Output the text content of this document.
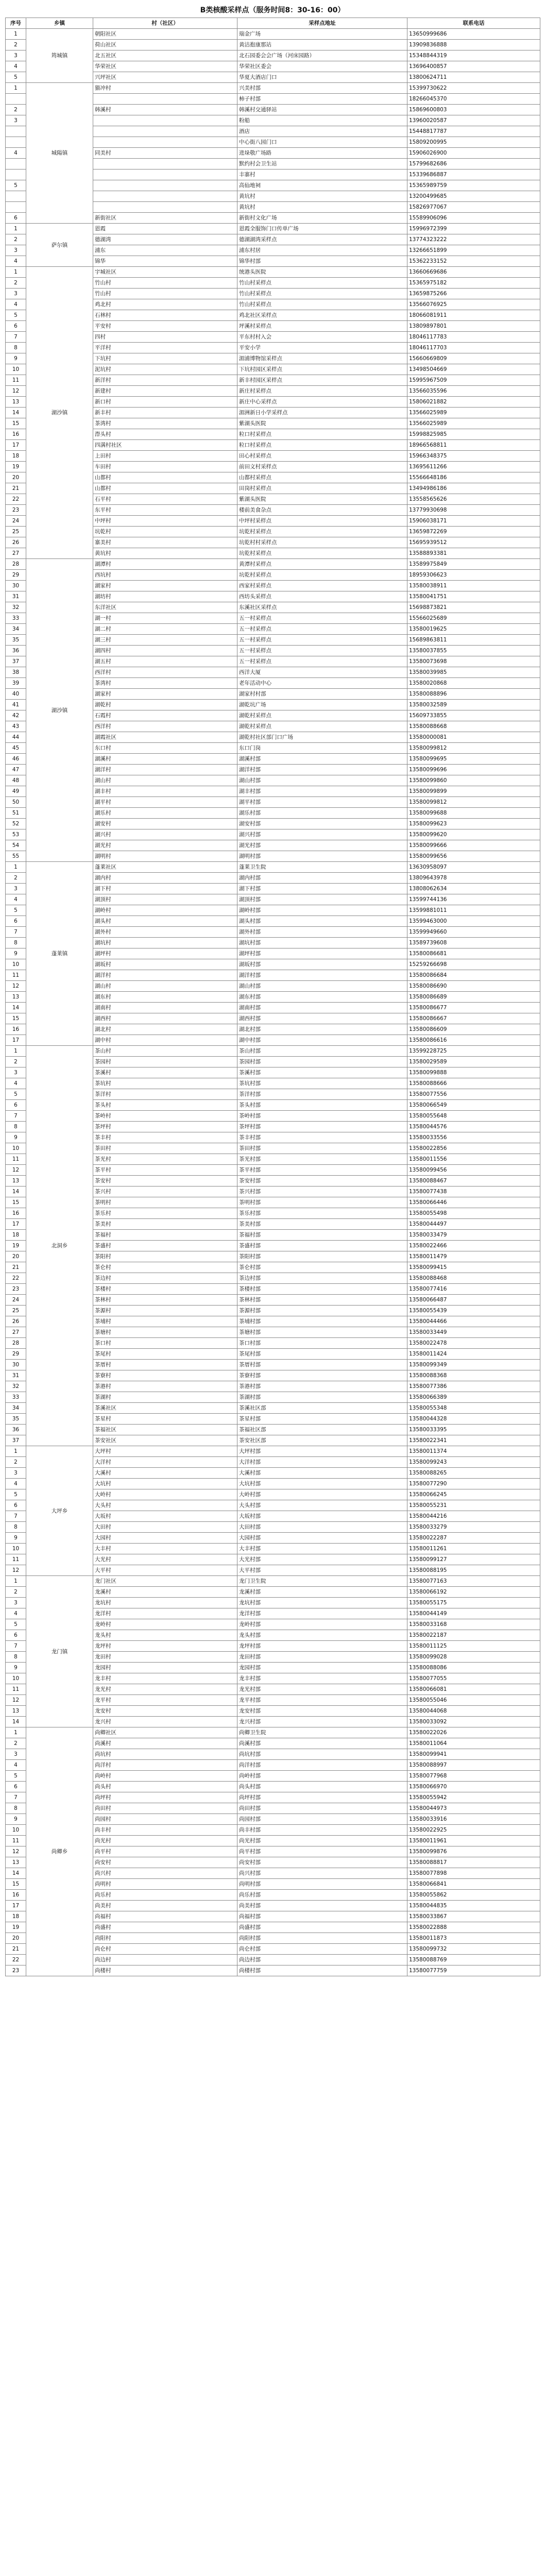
B类核酸采样点（服务时间8：30-16：00）
序号	乡镇	村（社区）	采样点地址	联系电话
1	筠城镇	朝阳社区	瑞金广场	13650999686
2		荷山社区	黄沽抱康那站	13909836888
3		北五社区	北石园委会会广场（河床园路）	15348844319
4		华荣社区	华荣社区委会	13696400857
5		兴坪社区	华夏大酒店门口	13800624711
1	城陽镇	猫冲村	兴美村部	15399730622
			柿子村部	18266045370
2		韩溪村	韩溪村交通驿站	15869600803
3			粉船	13960020587
			酒店	15448817787
			中心街八园门口	15809200995
4		同美村	进垛敬广场路	15906026900
			默约村会卫生站	15799682686
			丰寨村	15339686887
5			高仙地祠	15365989759
			黄坑村	13200499685
			黄坑村	15826977067
6		新街社区	新街村文化广场	15589906096
1	萨尔镇	恩霞	恩霞全服饰门口传单广场	15996972399
2		德湖湾	德湖湖湾采样点	13774323222
3		浦东	浦东村居	13266651899
4		锦华	锦华村部	15362233152
1	湖沙镇	宇城社区	统港头医院	13660669686
2		竹山村	竹山村采样点	15365975182
3		竹山村	竹山村采样点	13659875266
4		鸡北村	竹山村采样点	13566076925
5		石林村	鸡北社区采样点	18066081911
6		平安村	坪溪村采样点	13809897801
7		四村	平东村村入会	18046117783
8		平洋村	平安小学	18046117703
9		下坑村	湄浦博物馆采样点	15660669809
10		泥坑村	下坑村园区采样点	13498504669
11		新洋村	新丰村园区采样点	15995967509
12		新建村	新庄村采样点	13566035596
13		新口村	新庄中心采样点	15806021882
14		新丰村	湄洲新日小学采样点	13566025989
15		茶湾村	紫湖头医院	13566025989
16		漈头村	粒口村采样点	15998825985
17		四满村社区	粒口村采样点	18966568811
18		上田村	田心村采样点	15966348375
19		车田村	前田文村采样点	13695611266
20		山都村	山都村采样点	15566648186
21		山都村	田岗村采样点	13494986186
22		石平村	紫湖头医院	13558565626
23		东平村	楼前美食杂点	13779930698
24		中坪村	中坪村采样点	15906038171
25		坑乾村	坑乾村采样点	13659872269
26		寨美村	坑乾村村采样点	15695939512
27		黄坑村	坑乾村采样点	13588893381
28	湖沙镇	湖潭村	黄潭村采样点	13589975849
29		西坑村	坑乾村采样点	18959306623
30		湖家村	西家村采样点	13580038911
31		湖坊村	西坊头采样点	13580041751
32		东洋社区	东溪社区采样点	15698873821
33		湖一村	五一村采样点	15566025689
34		湖二村	五一村采样点	13580019625
35		湖三村	五一村采样点	15689863811
36		湖四村	五一村采样点	13580037855
37		湖五村	五一村采样点	13580073698
38		西洋村	西洋大厦	13580039985
39		茶湾村	老年活动中心	13580020868
40		湖家村	湖家村村部	13580088896
41		湖乾村	湖乾坑广场	13580032589
42		石霞村	湖乾村采样点	15609733855
43		西洋村	湖乾村采样点	13580088668
44		湖霞社区	湖乾村社区部门口广场	13580000081
45		东口村	东口门岗	13580099812
46		湖溪村	湖溪村部	13580099695
47		湖洋村	湖洋村部	13580099696
48		湖山村	湖山村部	13580099860
49		湖丰村	湖丰村部	13580099899
50		湖平村	湖平村部	13580099812
51		湖乐村	湖乐村部	13580099688
52		湖安村	湖安村部	13580099623
53		湖兴村	湖兴村部	13580099620
54		湖光村	湖光村部	13580099666
55		湖明村	湖明村部	13580099656
1	蓬莱镇	蓬莱社区	蓬莱卫生院	13630958097
2		湖内村	湖内村部	13809643978
3		湖下村	湖下村部	13808062634
4		湖顶村	湖顶村部	13599744136
5		湖岭村	湖岭村部	13599881011
6		湖头村	湖头村部	13599463000
7		湖外村	湖外村部	13599949660
8		湖坑村	湖坑村部	13589739608
9		湖坪村	湖坪村部	13580086681
10		湖坂村	湖坂村部	15259266698
11		湖洋村	湖洋村部	13580086684
12		湖山村	湖山村部	13580086690
13		湖东村	湖东村部	13580086689
14		湖南村	湖南村部	13580086677
15		湖西村	湖西村部	13580086667
16		湖北村	湖北村部	13580086609
17		湖中村	湖中村部	13580086616
1	北洞乡	茶山村	茶山村部	13599228725
2		茶园村	茶园村部	13580029589
3		茶溪村	茶溪村部	13580099888
4		茶坑村	茶坑村部	13580088666
5		茶洋村	茶洋村部	13580077556
6		茶头村	茶头村部	13580066549
7		茶岭村	茶岭村部	13580055648
8		茶坪村	茶坪村部	13580044576
9		茶丰村	茶丰村部	13580033556
10		茶田村	茶田村部	13580022856
11		茶光村	茶光村部	13580011556
12		茶平村	茶平村部	13580099456
13		茶安村	茶安村部	13580088467
14		茶兴村	茶兴村部	13580077438
15		茶明村	茶明村部	13580066446
16		茶乐村	茶乐村部	13580055498
17		茶美村	茶美村部	13580044497
18		茶福村	茶福村部	13580033479
19		茶盛村	茶盛村部	13580022466
20		茶阳村	茶阳村部	13580011479
21		茶仑村	茶仑村部	13580099415
22		茶边村	茶边村部	13580088468
23		茶楼村	茶楼村部	13580077416
24		茶林村	茶林村部	13580066487
25		茶源村	茶源村部	13580055439
26		茶埔村	茶埔村部	13580044466
27		茶塘村	茶塘村部	13580033449
28		茶口村	茶口村部	13580022478
29		茶尾村	茶尾村部	13580011424
30		茶厝村	茶厝村部	13580099349
31		茶寮村	茶寮村部	13580088368
32		茶港村	茶港村部	13580077386
33		茶湖村	茶湖村部	13580066389
34		茶溪社区	茶溪社区部	13580055348
35		茶星村	茶星村部	13580044328
36		茶福社区	茶福社区部	13580033395
37		茶安社区	茶安社区部	13580022341
1	大坪乡	大坪村	大坪村部	13580011374
2		大洋村	大洋村部	13580099243
3		大溪村	大溪村部	13580088265
4		大坑村	大坑村部	13580077290
5		大岭村	大岭村部	13580066245
6		大头村	大头村部	13580055231
7		大坂村	大坂村部	13580044216
8		大田村	大田村部	13580033279
9		大园村	大园村部	13580022287
10		大丰村	大丰村部	13580011261
11		大光村	大光村部	13580099127
12		大平村	大平村部	13580088195
1	龙门镇	龙门社区	龙门卫生院	13580077163
2		龙溪村	龙溪村部	13580066192
3		龙坑村	龙坑村部	13580055175
4		龙洋村	龙洋村部	13580044149
5		龙岭村	龙岭村部	13580033168
6		龙头村	龙头村部	13580022187
7		龙坪村	龙坪村部	13580011125
8		龙田村	龙田村部	13580099028
9		龙园村	龙园村部	13580088086
10		龙丰村	龙丰村部	13580077055
11		龙光村	龙光村部	13580066081
12		龙平村	龙平村部	13580055046
13		龙安村	龙安村部	13580044068
14		龙兴村	龙兴村部	13580033092
1	尚卿乡	尚卿社区	尚卿卫生院	13580022026
2		尚溪村	尚溪村部	13580011064
3		尚坑村	尚坑村部	13580099941
4		尚洋村	尚洋村部	13580088997
5		尚岭村	尚岭村部	13580077968
6		尚头村	尚头村部	13580066970
7		尚坪村	尚坪村部	13580055942
8		尚田村	尚田村部	13580044973
9		尚园村	尚园村部	13580033916
10		尚丰村	尚丰村部	13580022925
11		尚光村	尚光村部	13580011961
12		尚平村	尚平村部	13580099876
13		尚安村	尚安村部	13580088817
14		尚兴村	尚兴村部	13580077898
15		尚明村	尚明村部	13580066841
16		尚乐村	尚乐村部	13580055862
17		尚美村	尚美村部	13580044835
18		尚福村	尚福村部	13580033867
19		尚盛村	尚盛村部	13580022888
20		尚阳村	尚阳村部	13580011873
21		尚仑村	尚仑村部	13580099732
22		尚边村	尚边村部	13580088769
23		尚楼村	尚楼村部	13580077759
